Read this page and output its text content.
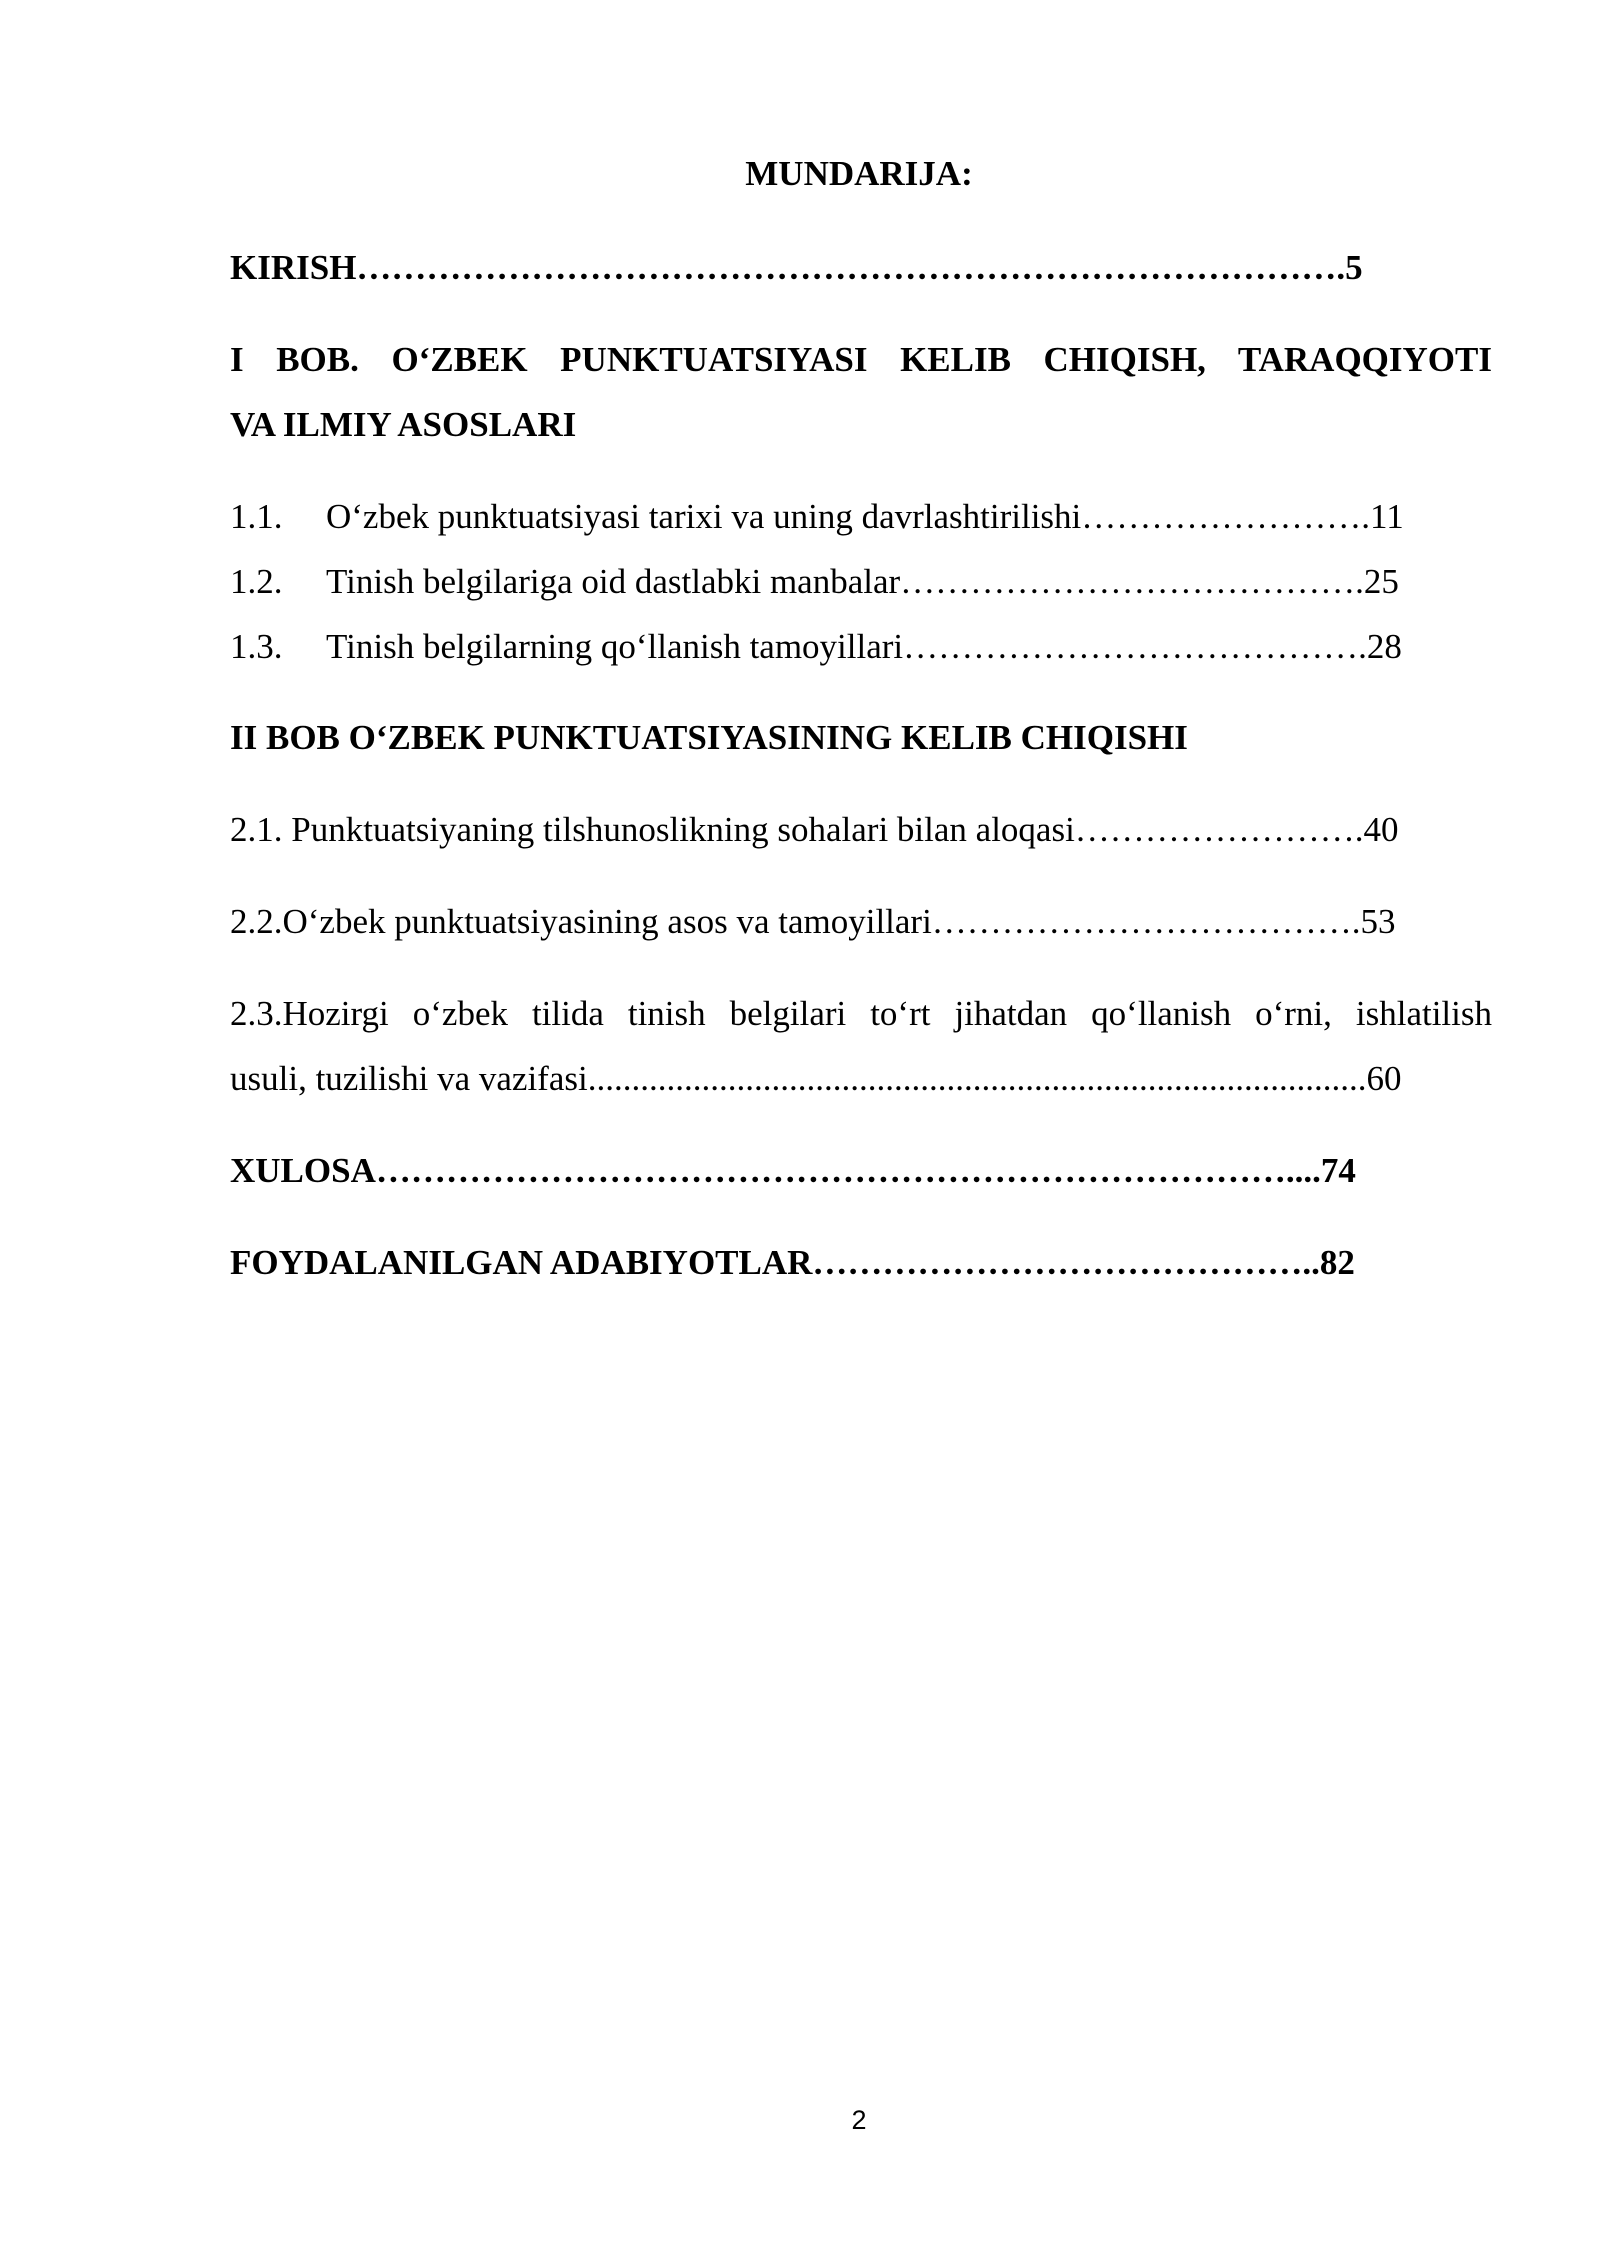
MUNDARIJA:
KIRISH………………………………………………………………………….5
I BOB. O‘ZBEK PUNKTUATSIYASI KELIB CHIQISH, TARAQQIYOTI
VA ILMIY ASOSLARI
1.1. O‘zbek punktuatsiyasi tarixi va uning davrlashtirilishi…………………….11
1.2. Tinish belgilariga oid dastlabki manbalar………………………………….25
1.3. Tinish belgilarning qo‘llanish tamoyillari………………………………….28
II BOB O‘ZBEK PUNKTUATSIYASINING KELIB CHIQISHI
2.1. Punktuatsiyaning tilshunoslikning sohalari bilan aloqasi…………………….40
2.2.O‘zbek punktuatsiyasining asos va tamoyillari……………………………….53
2.3.Hozirgi o‘zbek tilida tinish belgilari to‘rt jihatdan qo‘llanish o‘rni, ishlatilish
usuli, tuzilishi va vazifasi.........................................................................................60
XULOSA……………………………………………………………………....74
FOYDALANILGAN ADABIYOTLAR……………………………………..82
2
